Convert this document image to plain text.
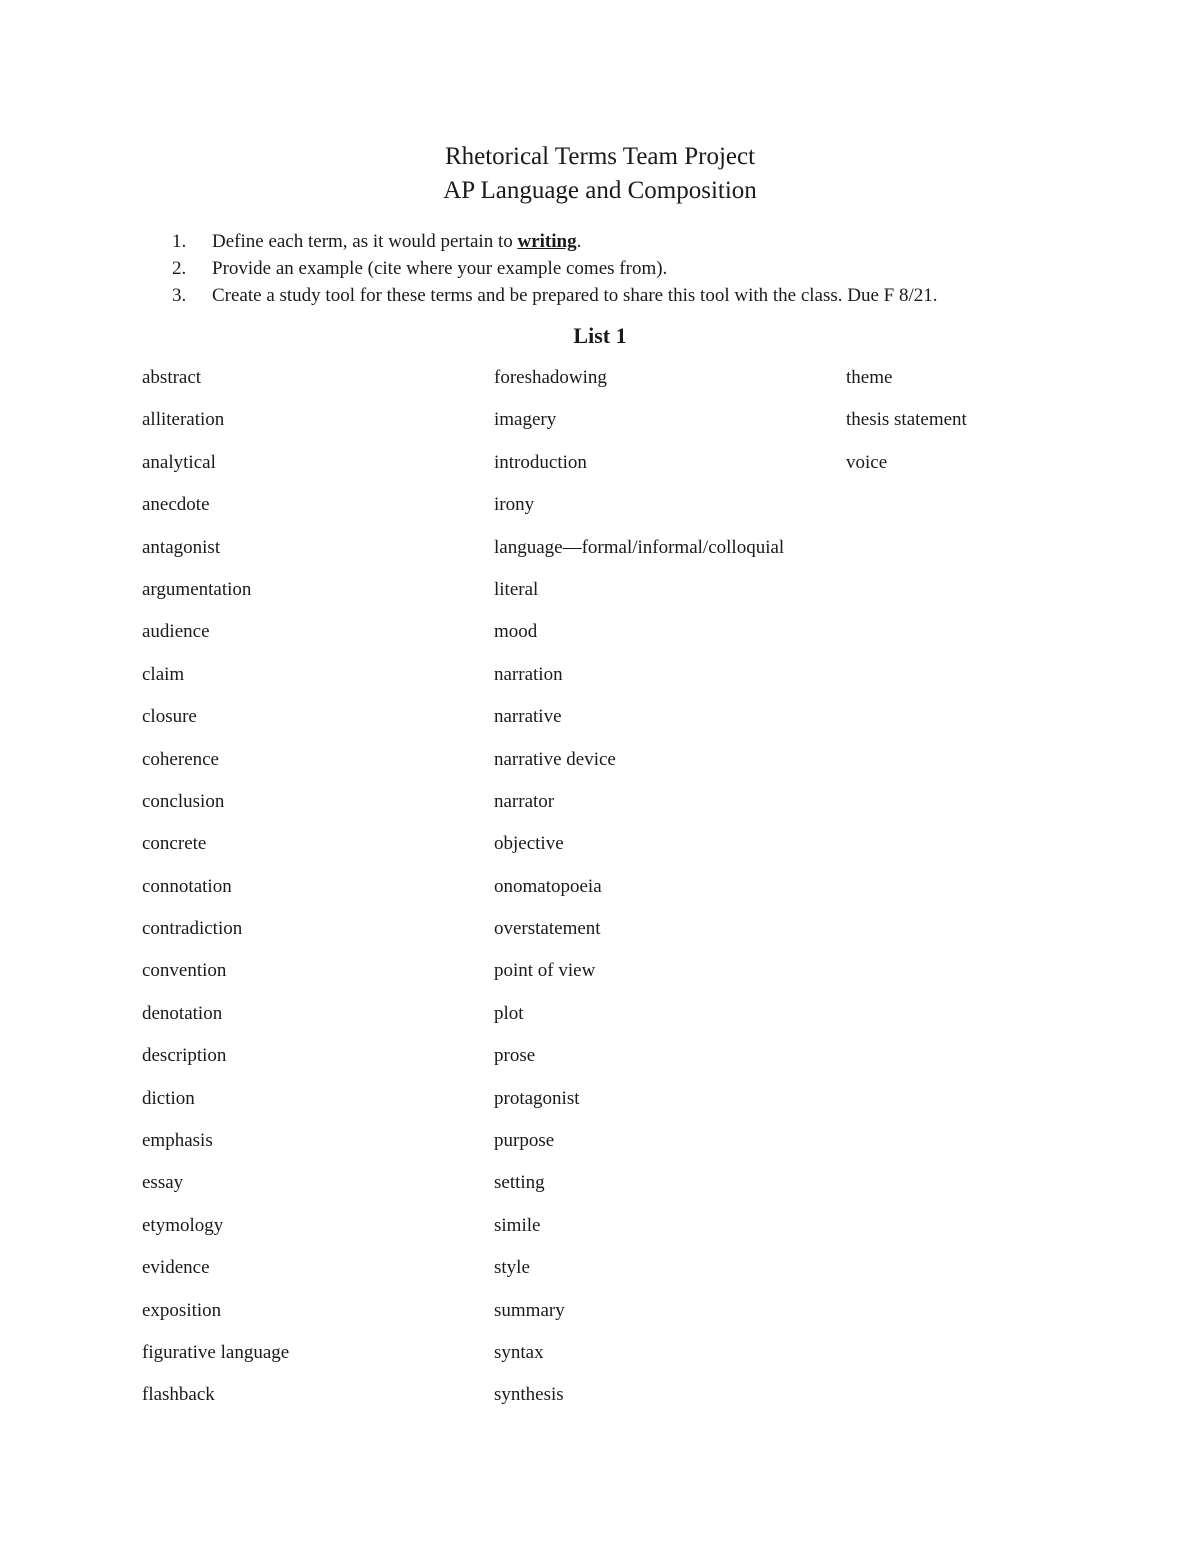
Rhetorical Terms Team Project

AP Language and Composition

1. Define each term, as it would pertain to writing.
2. Provide an example (cite where your example comes from).
3. Create a study tool for these terms and be prepared to share this tool with the class. Due F 8/21.
List 1
abstract
alliteration
analytical
anecdote
antagonist
argumentation
audience
claim
closure
coherence
conclusion
concrete
connotation
contradiction
convention
denotation
description
diction
emphasis
essay
etymology
evidence
exposition
figurative language
flashback
foreshadowing
imagery
introduction
irony
language—formal/informal/colloquial
literal
mood
narration
narrative
narrative device
narrator
objective
onomatopoeia
overstatement
point of view
plot
prose
protagonist
purpose
setting
simile
style
summary
syntax
synthesis
theme
thesis statement
voice
